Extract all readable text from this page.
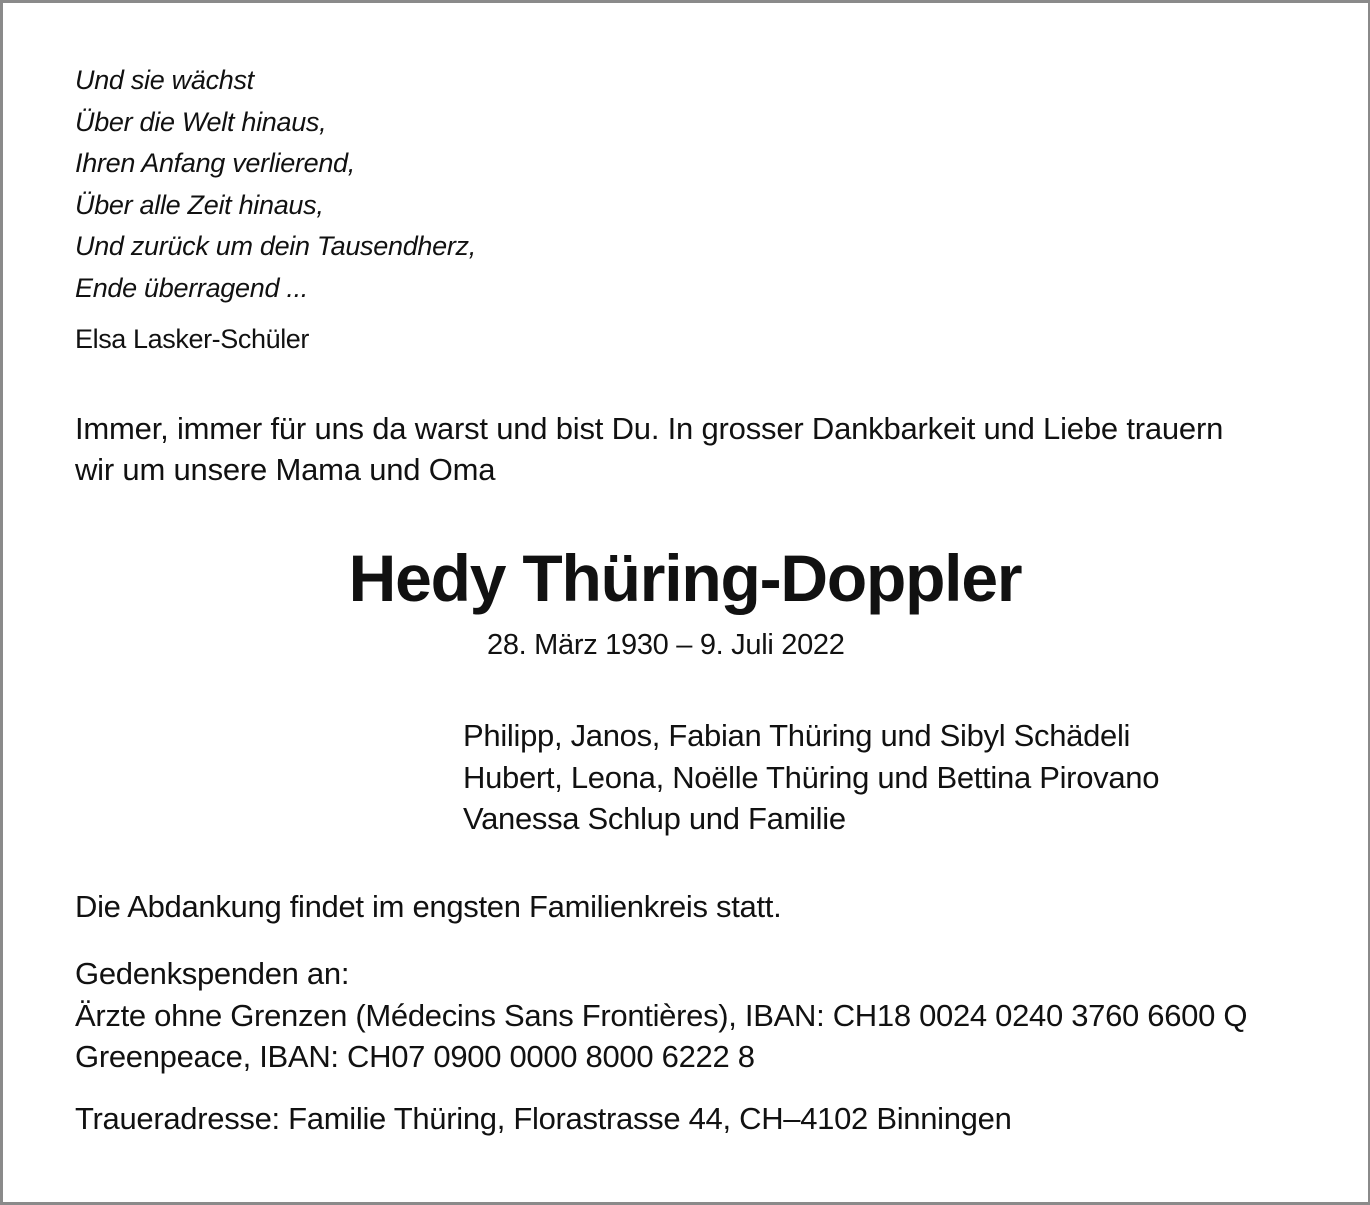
Und sie wächst
Über die Welt hinaus,
Ihren Anfang verlierend,
Über alle Zeit hinaus,
Und zurück um dein Tausendherz,
Ende überragend ...
Elsa Lasker-Schüler
Immer, immer für uns da warst und bist Du. In grosser Dankbarkeit und Liebe trauern
wir um unsere Mama und Oma
Hedy Thüring-Doppler
28. März 1930 – 9. Juli 2022
Philipp, Janos, Fabian Thüring und Sibyl Schädeli
Hubert, Leona, Noëlle Thüring und Bettina Pirovano
Vanessa Schlup und Familie
Die Abdankung findet im engsten Familienkreis statt.
Gedenkspenden an:
Ärzte ohne Grenzen (Médecins Sans Frontières), IBAN: CH18 0024 0240 3760 6600 Q
Greenpeace, IBAN: CH07 0900 0000 8000 6222 8
Traueradresse: Familie Thüring, Florastrasse 44, CH–4102 Binningen
